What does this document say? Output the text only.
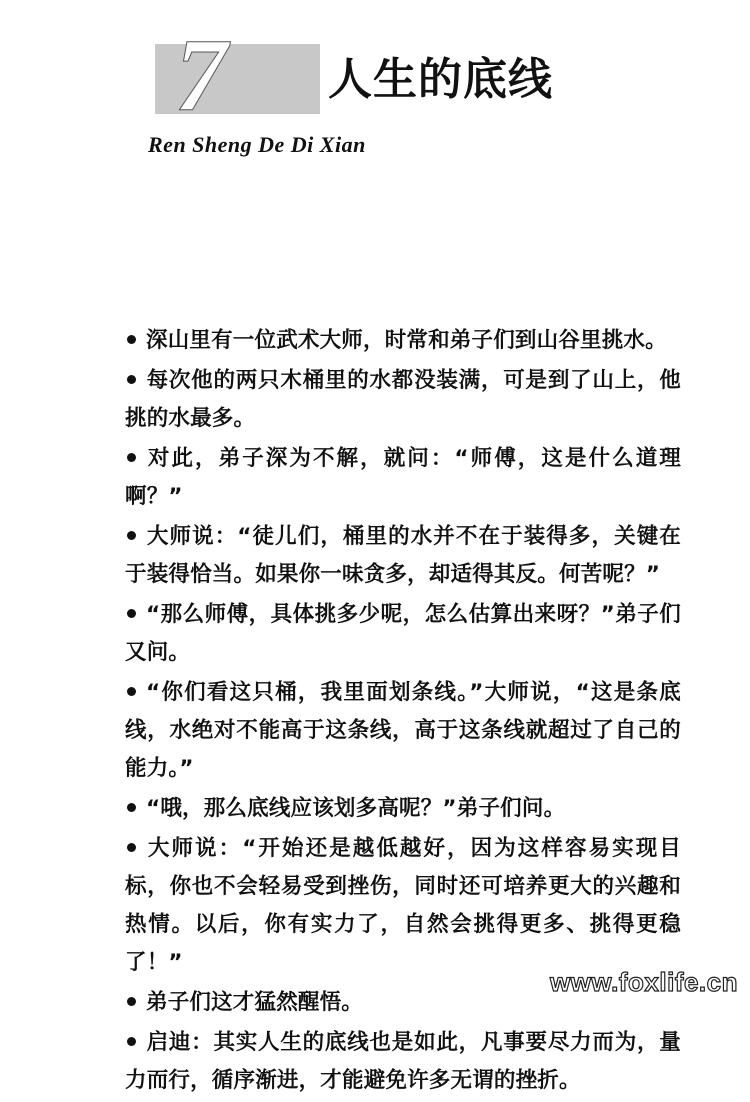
7 人生的底线
Ren Sheng De Di Xian

深山里有一位武术大师，时常和弟子们到山谷里挑水。

每次他的两只木桶里的水都没装满，可是到了山上，他挑的水最多。

对此，弟子深为不解，就问：“师傅，这是什么道理啊？”

大师说：“徒儿们，桶里的水并不在于装得多，关键在于装得恰当。如果你一味贪多，却适得其反。何苦呢？”

“那么师傅，具体挑多少呢，怎么估算出来呀？”弟子们又问。

“你们看这只桶，我里面划条线。”大师说，“这是条底线，水绝对不能高于这条线，高于这条线就超过了自己的能力。”

“哦，那么底线应该划多高呢？”弟子们问。

大师说：“开始还是越低越好，因为这样容易实现目标，你也不会轻易受到挫伤，同时还可培养更大的兴趣和热情。以后，你有实力了，自然会挑得更多、挑得更稳了！”

弟子们这才猛然醒悟。

启迪：其实人生的底线也是如此，凡事要尽力而为，量力而行，循序渐进，才能避免许多无谓的挫折。

www.foxlife.cn
